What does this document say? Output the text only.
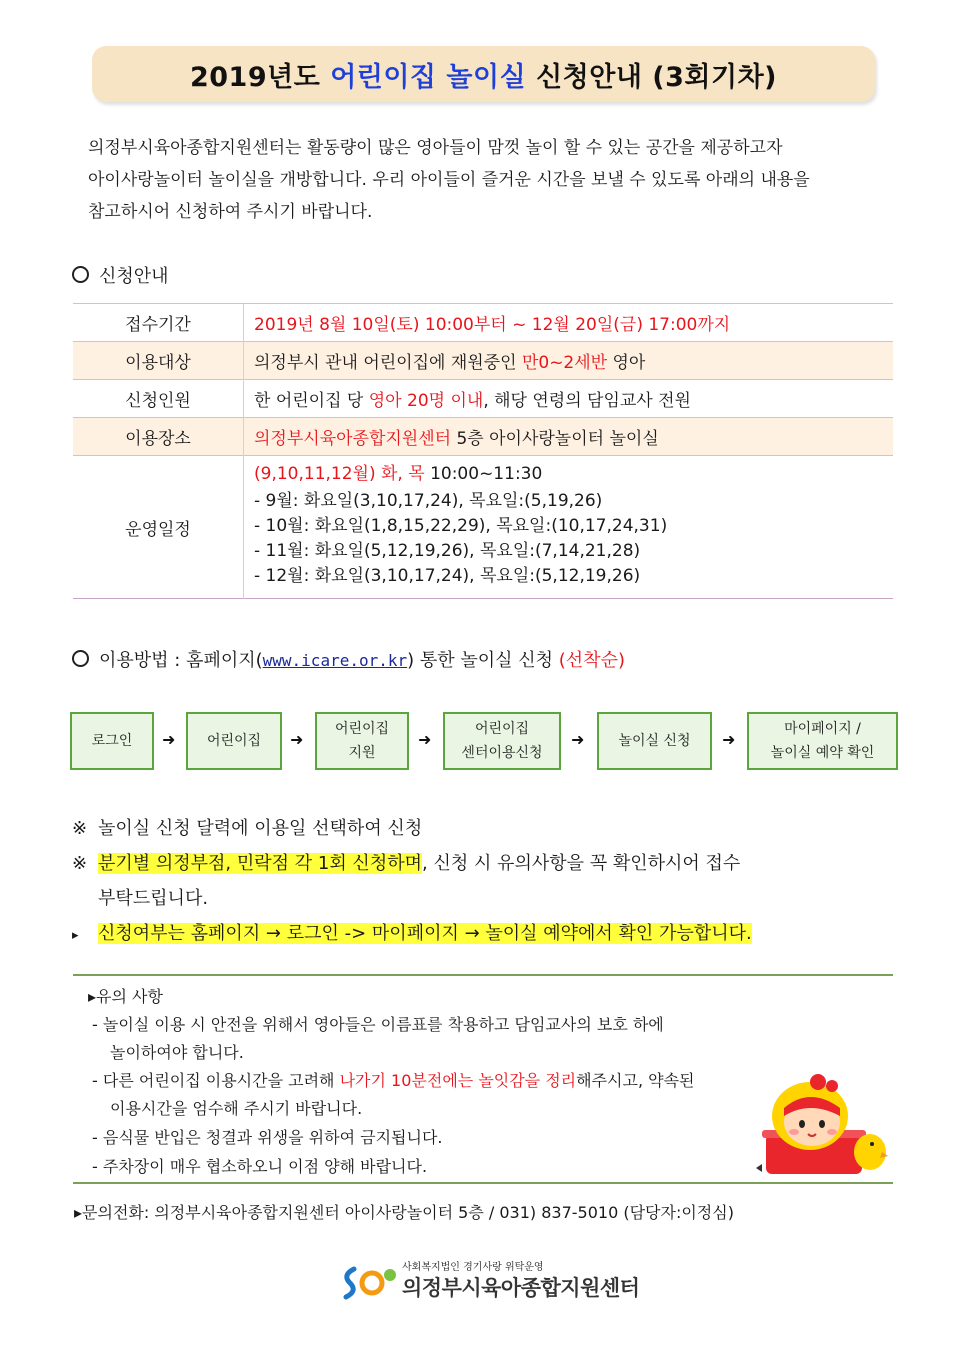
2019년도 어린이집
놀이실 신청안내 (3회기차)
의정부시육아종합지원센터는 활동량이 많은 영아들이 맘껏 놀이 할 수 있는 공간을 제공하고자
아이사랑놀이터 놀이실을 개방합니다. 우리 아이들이 즐거운 시간을 보낼 수 있도록 아래의 내용을
참고하시어 신청하여 주시기 바랍니다.
신청안내
접수기간	2019년 8월 10일(토) 10:00부터 ~ 12월 20일(금) 17:00까지
이용대상	의정부시 관내 어린이집에 재원중인 만0~2세반 영아
신청인원	한 어린이집 당 영아 20명 이내, 해당 연령의 담임교사 전원
이용장소	의정부시육아종합지원센터 5층 아이사랑놀이터 놀이실
운영일정	(9,10,11,12월) 화, 목 10:00~11:30
- 9월: 화요일(3,10,17,24), 목요일:(5,19,26)
- 10월: 화요일(1,8,15,22,29), 목요일:(10,17,24,31)
- 11월: 화요일(5,12,19,26), 목요일:(7,14,21,28)
- 12월: 화요일(3,10,17,24), 목요일:(5,12,19,26)
이용방법 : 홈페이지(www.icare.or.kr) 통한 놀이실 신청 (선착순)
로그인 ➜ 어린이집 ➜
어린이집
지원
➜
어린이집
센터이용신청
➜ 놀이실 신청 ➜
마이페이지 /
놀이실 예약 확인
※ 놀이실 신청 달력에 이용일 선택하여 신청
※ 분기별 의정부점, 민락점 각 1회 신청하며, 신청 시 유의사항을 꼭 확인하시어 접수
부탁드립니다.
▸ 신청여부는 홈페이지 → 로그인 -> 마이페이지 → 놀이실 예약에서 확인 가능합니다.
▸유의 사항
- 놀이실 이용 시 안전을 위해서 영아들은 이름표를 착용하고 담임교사의 보호 하에
놀이하여야 합니다.
- 다른 어린이집 이용시간을 고려해 나가기 10분전에는 놀잇감을 정리해주시고, 약속된
이용시간을 엄수해 주시기 바랍니다.
- 음식물 반입은 청결과 위생을 위하여 금지됩니다.
- 주차장이 매우 협소하오니 이점 양해 바랍니다.
▸문의전화: 의정부시육아종합지원센터 아이사랑놀이터 5층 / 031) 837-5010 (담당자:이정심)
사회복지법인 경기사랑 위탁운영
의정부시육아종합지원센터
